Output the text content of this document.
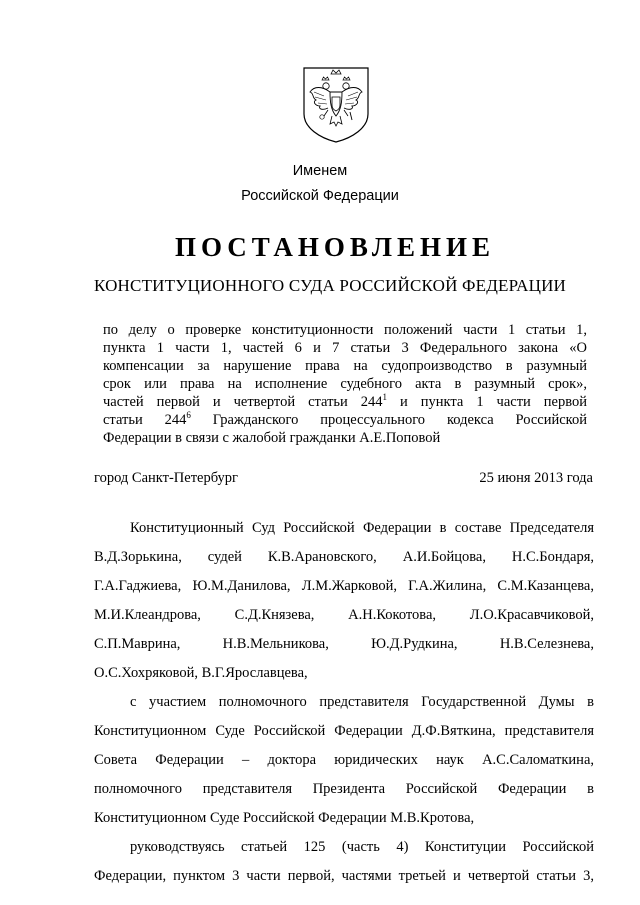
Именем
Российской Федерации
ПОСТАНОВЛЕНИЕ
КОНСТИТУЦИОННОГО СУДА РОССИЙСКОЙ ФЕДЕРАЦИИ
по делу о проверке конституционности положений части 1 статьи 1,
пункта 1 части 1, частей 6 и 7 статьи 3 Федерального закона «О
компенсации за нарушение права на судопроизводство в разумный
срок или права на исполнение судебного акта в разумный срок»,
частей первой и четвертой статьи $244^1$ и пункта 1 части первой
статьи $244^6$ Гражданского процессуального кодекса Российской
Федерации в связи с жалобой гражданки А.Е.Поповой
город Санкт-Петербург	25 июня 2013 года
Конституционный Суд Российской Федерации в составе Председателя
В.Д.Зорькина, судей К.В.Арановского, А.И.Бойцова, Н.С.Бондаря,
Г.А.Гаджиева, Ю.М.Данилова, Л.М.Жарковой, Г.А.Жилина, С.М.Казанцева,
М.И.Клеандрова, С.Д.Князева, А.Н.Кокотова, Л.О.Красавчиковой,
С.П.Маврина, Н.В.Мельникова, Ю.Д.Рудкина, Н.В.Селезнева,
О.С.Хохряковой, В.Г.Ярославцева,
с участием полномочного представителя Государственной Думы в
Конституционном Суде Российской Федерации Д.Ф.Вяткина, представителя
Совета Федерации – доктора юридических наук А.С.Саломаткина,
полномочного представителя Президента Российской Федерации в
Конституционном Суде Российской Федерации М.В.Кротова,
руководствуясь статьей 125 (часть 4) Конституции Российской
Федерации, пунктом 3 части первой, частями третьей и четвертой статьи 3,
